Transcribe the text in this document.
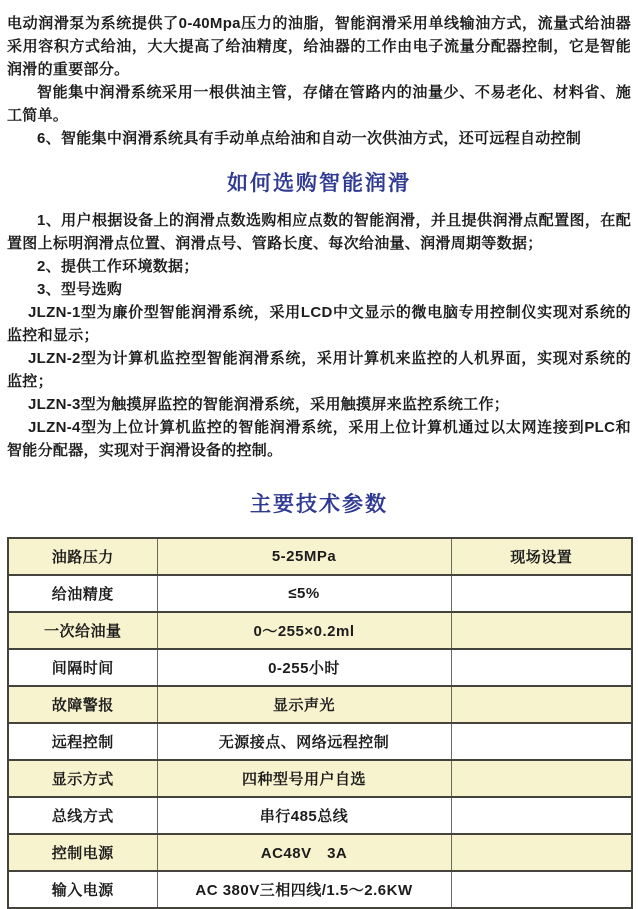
电动润滑泵为系统提供了0-40Mpa压力的油脂，智能润滑采用单线输油方式，流量式给油器采用容积方式给油，大大提高了给油精度，给油器的工作由电子流量分配器控制，它是智能润滑的重要部分。

智能集中润滑系统采用一根供油主管，存储在管路内的油量少、不易老化、材料省、施工简单。

6、智能集中润滑系统具有手动单点给油和自动一次供油方式，还可远程自动控制

如何选购智能润滑

1、用户根据设备上的润滑点数选购相应点数的智能润滑，并且提供润滑点配置图，在配置图上标明润滑点位置、润滑点号、管路长度、每次给油量、润滑周期等数据；

2、提供工作环境数据；

3、型号选购

JLZN-1型为廉价型智能润滑系统，采用LCD中文显示的微电脑专用控制仪实现对系统的监控和显示；

JLZN-2型为计算机监控型智能润滑系统，采用计算机来监控的人机界面，实现对系统的监控；

JLZN-3型为触摸屏监控的智能润滑系统，采用触摸屏来监控系统工作；

JLZN-4型为上位计算机监控的智能润滑系统，采用上位计算机通过以太网连接到PLC和智能分配器，实现对于润滑设备的控制。

主要技术参数
油路压力	5-25MPa	现场设置
给油精度	≤5%	
一次给油量	0～255×0.2ml	
间隔时间	0-255小时	
故障警报	显示声光	
远程控制	无源接点、网络远程控制	
显示方式	四种型号用户自选	
总线方式	串行485总线	
控制电源	AC48V　3A	
输入电源	AC 380V三相四线/1.5～2.6KW	
